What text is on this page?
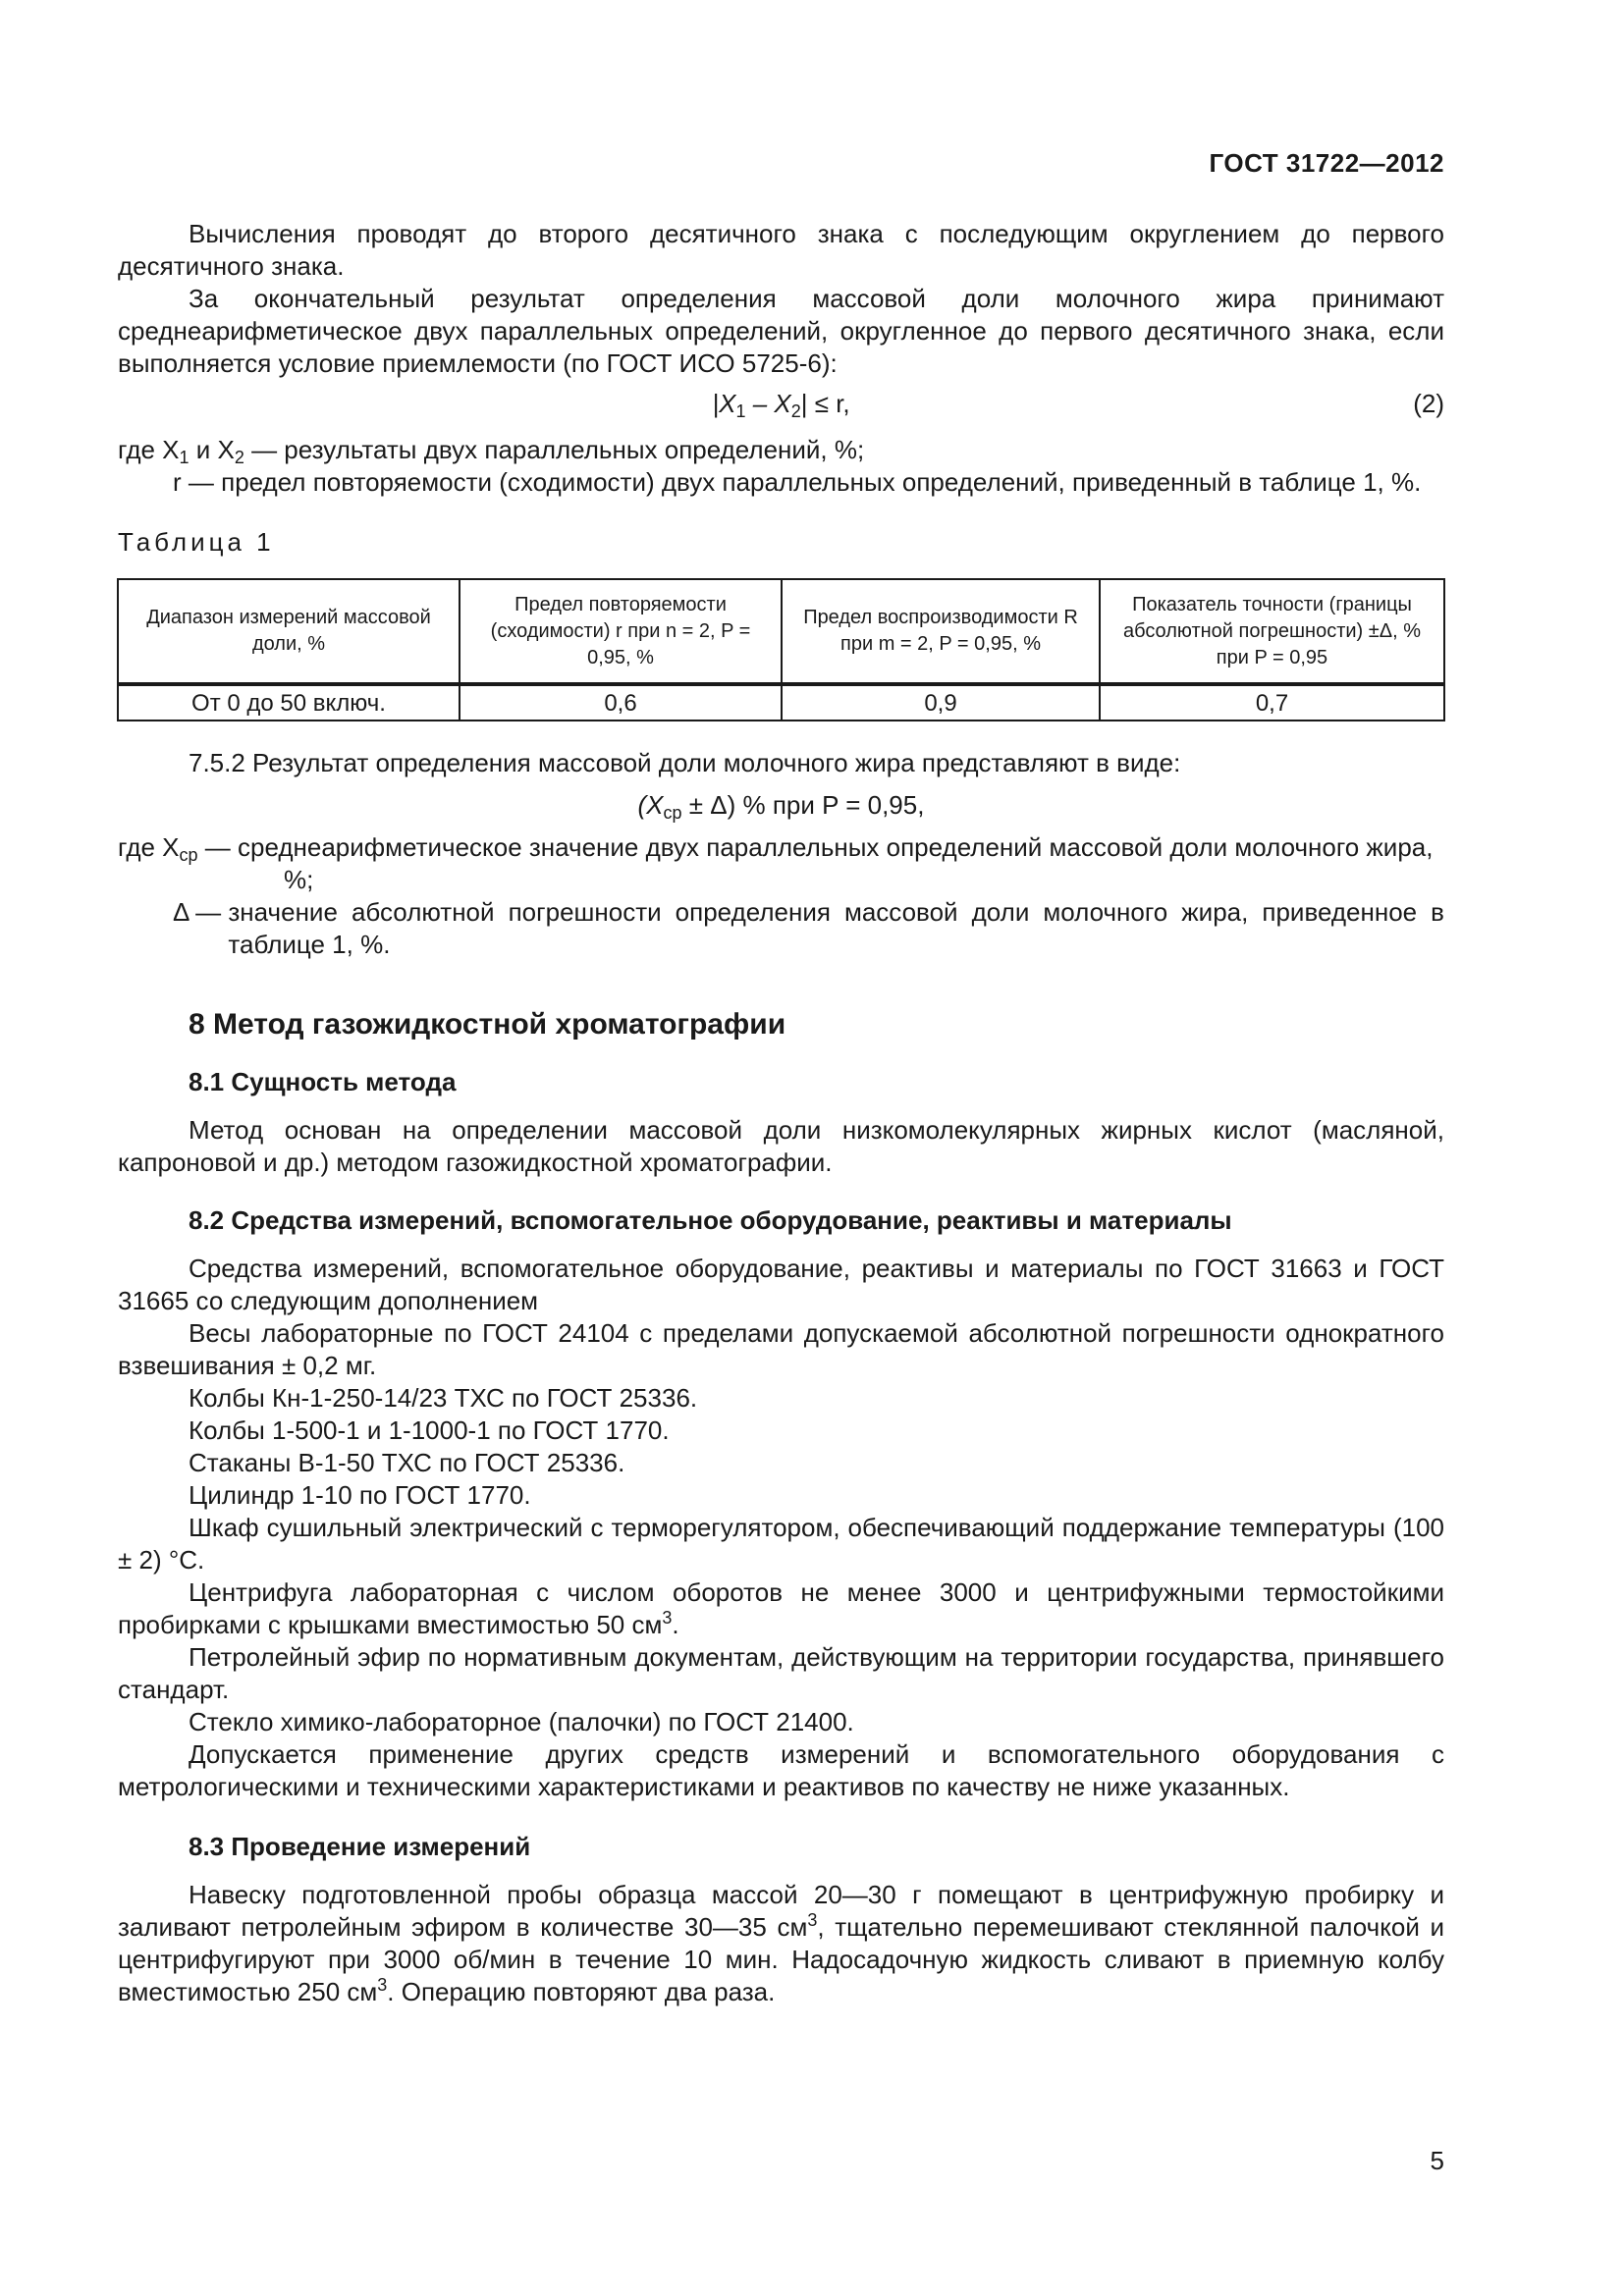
ГОСТ 31722—2012

Вычисления проводят до второго десятичного знака с последующим округлением до первого десятичного знака.

За окончательный результат определения массовой доли молочного жира принимают среднеарифметическое двух параллельных определений, округленное до первого десятичного знака, если выполняется условие приемлемости (по ГОСТ ИСО 5725-6):

$|X_1 - X_2| \le r$,	(2)
где $X_1$ и $X_2$ — результаты двух параллельных определений, %;
r — предел повторяемости (сходимости) двух параллельных определений, приведенный в таблице 1, %.

Таблица 1

Диапазон измерений массовой доли, %	Предел повторяемости (сходимости) r при n = 2, P = 0,95, %	Предел воспроизводимости R при m = 2, P = 0,95, %	Показатель точности (границы абсолютной погрешности) ±Δ, % при P = 0,95
От 0 до 50 включ.	0,6	0,9	0,7

7.5.2 Результат определения массовой доли молочного жира представляют в виде:

$(X_{ср} \pm \Delta)$ % при P = 0,95,
где $X_{ср}$ — среднеарифметическое значение двух параллельных определений массовой доли молочного жира, %;
Δ — значение абсолютной погрешности определения массовой доли молочного жира, приведенное в таблице 1, %.

8 Метод газожидкостной хроматографии

8.1 Сущность метода

Метод основан на определении массовой доли низкомолекулярных жирных кислот (масляной, капроновой и др.) методом газожидкостной хроматографии.

8.2 Средства измерений, вспомогательное оборудование, реактивы и материалы

Средства измерений, вспомогательное оборудование, реактивы и материалы по ГОСТ 31663 и ГОСТ 31665 со следующим дополнением

Весы лабораторные по ГОСТ 24104 с пределами допускаемой абсолютной погрешности однократного взвешивания ± 0,2 мг.

Колбы Кн-1-250-14/23 ТХС по ГОСТ 25336.

Колбы 1-500-1 и 1-1000-1 по ГОСТ 1770.

Стаканы В-1-50 ТХС по ГОСТ 25336.

Цилиндр 1-10 по ГОСТ 1770.

Шкаф сушильный электрический с терморегулятором, обеспечивающий поддержание температуры (100 ± 2) °С.

Центрифуга лабораторная с числом оборотов не менее 3000 и центрифужными термостойкими пробирками с крышками вместимостью 50 $см^3$.

Петролейный эфир по нормативным документам, действующим на территории государства, принявшего стандарт.

Стекло химико-лабораторное (палочки) по ГОСТ 21400.

Допускается применение других средств измерений и вспомогательного оборудования с метрологическими и техническими характеристиками и реактивов по качеству не ниже указанных.

8.3 Проведение измерений

Навеску подготовленной пробы образца массой 20—30 г помещают в центрифужную пробирку и заливают петролейным эфиром в количестве 30—35 $см^3$, тщательно перемешивают стеклянной палочкой и центрифугируют при 3000 об/мин в течение 10 мин. Надосадочную жидкость сливают в приемную колбу вместимостью 250 $см^3$. Операцию повторяют два раза.

5
